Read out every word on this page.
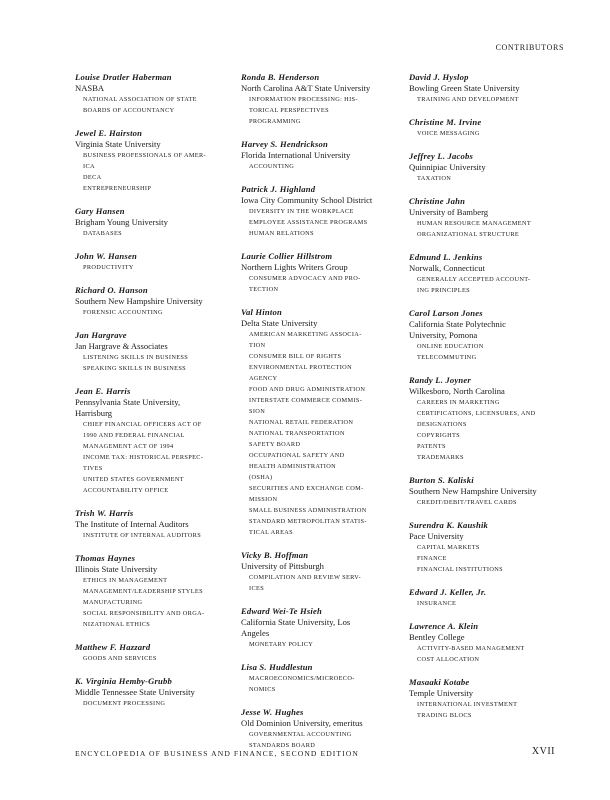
CONTRIBUTORS
Louise Dratler Haberman
NASBA
NATIONAL ASSOCIATION OF STATE
BOARDS OF ACCOUNTANCY
Jewel E. Hairston
Virginia State University
BUSINESS PROFESSIONALS OF AMER-
ICA
DECA
ENTREPRENEURSHIP
Gary Hansen
Brigham Young University
DATABASES
John W. Hansen
PRODUCTIVITY
Richard O. Hanson
Southern New Hampshire University
FORENSIC ACCOUNTING
Jan Hargrave
Jan Hargrave & Associates
LISTENING SKILLS IN BUSINESS
SPEAKING SKILLS IN BUSINESS
Jean E. Harris
Pennsylvania State University,
Harrisburg
CHIEF FINANCIAL OFFICERS ACT OF
1990 AND FEDERAL FINANCIAL
MANAGEMENT ACT OF 1994
INCOME TAX: HISTORICAL PERSPEC-
TIVES
UNITED STATES GOVERNMENT
ACCOUNTABILITY OFFICE
Trish W. Harris
The Institute of Internal Auditors
INSTITUTE OF INTERNAL AUDITORS
Thomas Haynes
Illinois State University
ETHICS IN MANAGEMENT
MANAGEMENT/LEADERSHIP STYLES
MANUFACTURING
SOCIAL RESPONSIBILITY AND ORGA-
NIZATIONAL ETHICS
Matthew F. Hazzard
GOODS AND SERVICES
K. Virginia Hemby-Grubb
Middle Tennessee State University
DOCUMENT PROCESSING
Ronda B. Henderson
North Carolina A&T State University
INFORMATION PROCESSING: HIS-
TORICAL PERSPECTIVES
PROGRAMMING
Harvey S. Hendrickson
Florida International University
ACCOUNTING
Patrick J. Highland
Iowa City Community School District
DIVERSITY IN THE WORKPLACE
EMPLOYEE ASSISTANCE PROGRAMS
HUMAN RELATIONS
Laurie Collier Hillstrom
Northern Lights Writers Group
CONSUMER ADVOCACY AND PRO-
TECTION
Val Hinton
Delta State University
AMERICAN MARKETING ASSOCIA-
TION
CONSUMER BILL OF RIGHTS
ENVIRONMENTAL PROTECTION
AGENCY
FOOD AND DRUG ADMINISTRATION
INTERSTATE COMMERCE COMMIS-
SION
NATIONAL RETAIL FEDERATION
NATIONAL TRANSPORTATION
SAFETY BOARD
OCCUPATIONAL SAFETY AND
HEALTH ADMINISTRATION
(OSHA)
SECURITIES AND EXCHANGE COM-
MISSION
SMALL BUSINESS ADMINISTRATION
STANDARD METROPOLITAN STATIS-
TICAL AREAS
Vicky B. Hoffman
University of Pittsburgh
COMPILATION AND REVIEW SERV-
ICES
Edward Wei-Te Hsieh
California State University, Los
Angeles
MONETARY POLICY
Lisa S. Huddlestun
MACROECONOMICS/MICROECO-
NOMICS
Jesse W. Hughes
Old Dominion University, emeritus
GOVERNMENTAL ACCOUNTING
STANDARDS BOARD
David J. Hyslop
Bowling Green State University
TRAINING AND DEVELOPMENT
Christine M. Irvine
VOICE MESSAGING
Jeffrey L. Jacobs
Quinnipiac University
TAXATION
Christine Jahn
University of Bamberg
HUMAN RESOURCE MANAGEMENT
ORGANIZATIONAL STRUCTURE
Edmund L. Jenkins
Norwalk, Connecticut
GENERALLY ACCEPTED ACCOUNT-
ING PRINCIPLES
Carol Larson Jones
California State Polytechnic
University, Pomona
ONLINE EDUCATION
TELECOMMUTING
Randy L. Joyner
Wilkesboro, North Carolina
CAREERS IN MARKETING
CERTIFICATIONS, LICENSURES, AND
DESIGNATIONS
COPYRIGHTS
PATENTS
TRADEMARKS
Burton S. Kaliski
Southern New Hampshire University
CREDIT/DEBIT/TRAVEL CARDS
Surendra K. Kaushik
Pace University
CAPITAL MARKETS
FINANCE
FINANCIAL INSTITUTIONS
Edward J. Keller, Jr.
INSURANCE
Lawrence A. Klein
Bentley College
ACTIVITY-BASED MANAGEMENT
COST ALLOCATION
Masaaki Kotabe
Temple University
INTERNATIONAL INVESTMENT
TRADING BLOCS
ENCYCLOPEDIA OF BUSINESS AND FINANCE, SECOND EDITION	XVII
